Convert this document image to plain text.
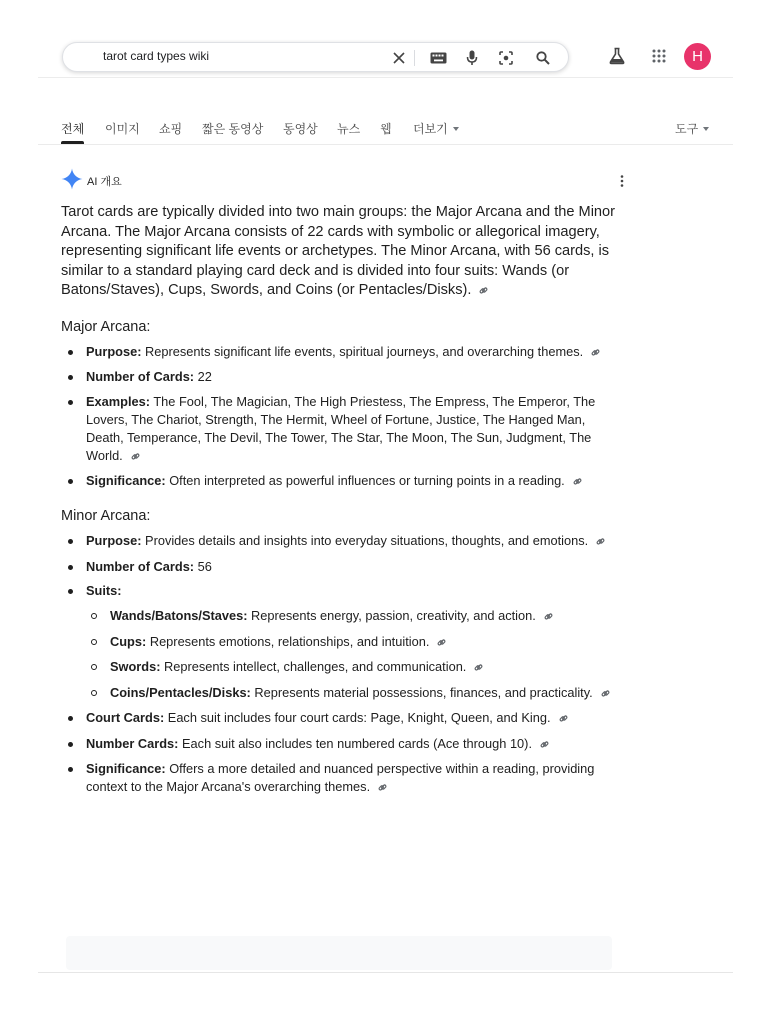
tarot card types wiki	H
전체 이미지 쇼핑 짧은 동영상 동영상 뉴스 웹 더보기	도구
AI 개요

Tarot cards are typically divided into two main groups: the Major Arcana and the Minor Arcana. The Major Arcana consists of 22 cards with symbolic or allegorical imagery, representing significant life events or archetypes. The Minor Arcana, with 56 cards, is similar to a standard playing card deck and is divided into four suits: Wands (or Batons/Staves), Cups, Swords, and Coins (or Pentacles/Disks).

Major Arcana:
Purpose: Represents significant life events, spiritual journeys, and overarching themes.
Number of Cards: 22
Examples: The Fool, The Magician, The High Priestess, The Empress, The Emperor, The Lovers, The Chariot, Strength, The Hermit, Wheel of Fortune, Justice, The Hanged Man, Death, Temperance, The Devil, The Tower, The Star, The Moon, The Sun, Judgment, The World.
Significance: Often interpreted as powerful influences or turning points in a reading.
Minor Arcana:
Purpose: Provides details and insights into everyday situations, thoughts, and emotions.
Number of Cards: 56
Suits:
Wands/Batons/Staves: Represents energy, passion, creativity, and action.
Cups: Represents emotions, relationships, and intuition.
Swords: Represents intellect, challenges, and communication.
Coins/Pentacles/Disks: Represents material possessions, finances, and practicality.
Court Cards: Each suit includes four court cards: Page, Knight, Queen, and King.
Number Cards: Each suit also includes ten numbered cards (Ace through 10).
Significance: Offers a more detailed and nuanced perspective within a reading, providing context to the Major Arcana's overarching themes.
